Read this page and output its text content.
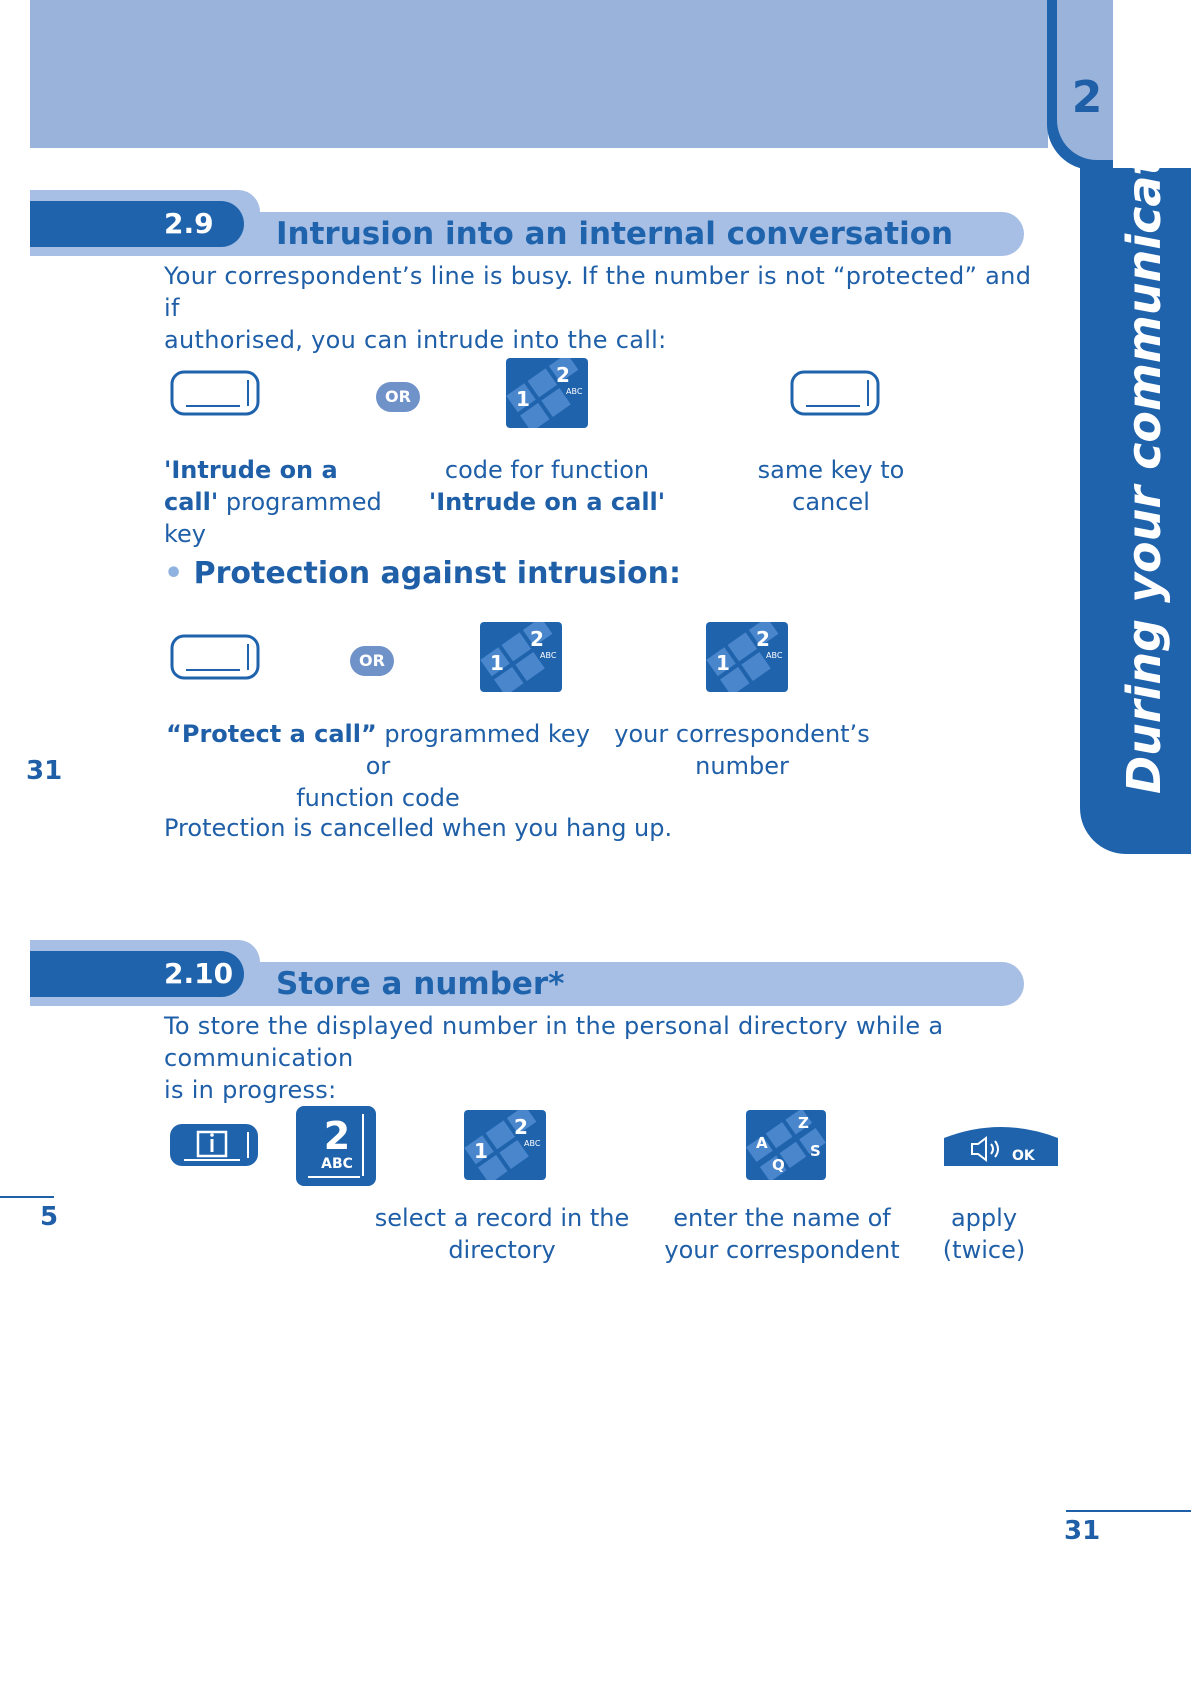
2 During your communication
2.9 Intrusion into an internal conversation
Your correspondent’s line is busy. If the number is not “protected” and if
authorised, you can intrude into the call:
OR	1
2
ABC
'Intrude on a
call' programmed
key
code for function
'Intrude on a call'
same key to cancel
• Protection against intrusion:
OR	1
2
ABC	1
2
ABC
“Protect a call” programmed key or
function code
your correspondent’s
number
Protection is cancelled when you hang up.
31
5
2.10 Store a number*
To store the displayed number in the personal directory while a communication
is in progress:
2
ABC
1
2
ABC	A
Z
Q
S	OK
select a record in the
directory
enter the name of
your correspondent
apply
(twice)
31
